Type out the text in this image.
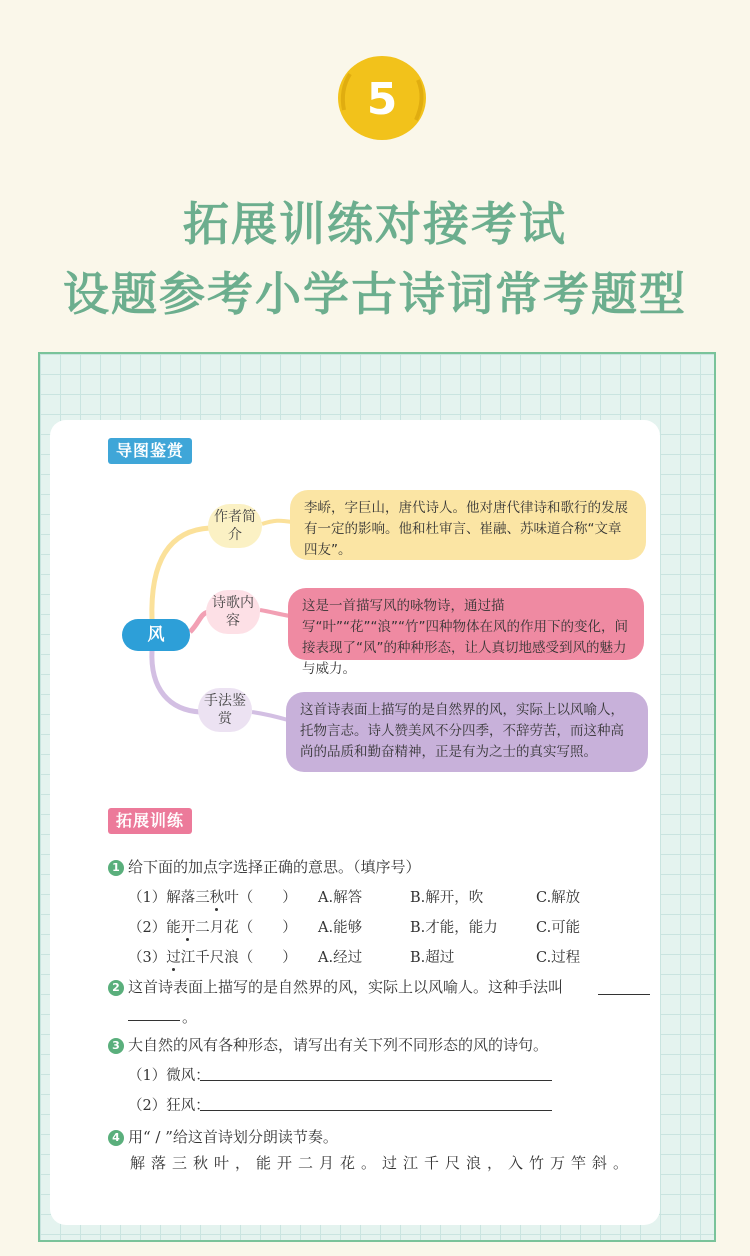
5
拓展训练对接考试
设题参考小学古诗词常考题型
导图鉴赏
风
作者简介
诗歌内容
手法鉴赏
李峤，字巨山，唐代诗人。他对唐代律诗和歌行的发展有一定的影响。他和杜审言、崔融、苏味道合称“文章四友”。
这是一首描写风的咏物诗，通过描写“叶”“花”“浪”“竹”四种物体在风的作用下的变化，间接表现了“风”的种种形态，让人真切地感受到风的魅力与威力。
这首诗表面上描写的是自然界的风，实际上以风喻人，托物言志。诗人赞美风不分四季，不辞劳苦，而这种高尚的品质和勤奋精神，正是有为之士的真实写照。
拓展训练
1 给下面的加点字选择正确的意思。（填序号）
（1）解落三秋叶（　　） A.解答	B.解开，吹	C.解放
（2）能开二月花（　　） A.能够	B.才能，能力	C.可能
（3）过江千尺浪（　　） A.经过	B.超过	C.过程
2 这首诗表面上描写的是自然界的风，实际上以风喻人。这种手法叫
。
3 大自然的风有各种形态，请写出有关下列不同形态的风的诗句。
（1）微风：
（2）狂风：
4 用“ / ”给这首诗划分朗读节奏。
解落三秋叶，能开二月花。过江千尺浪，入竹万竿斜。
